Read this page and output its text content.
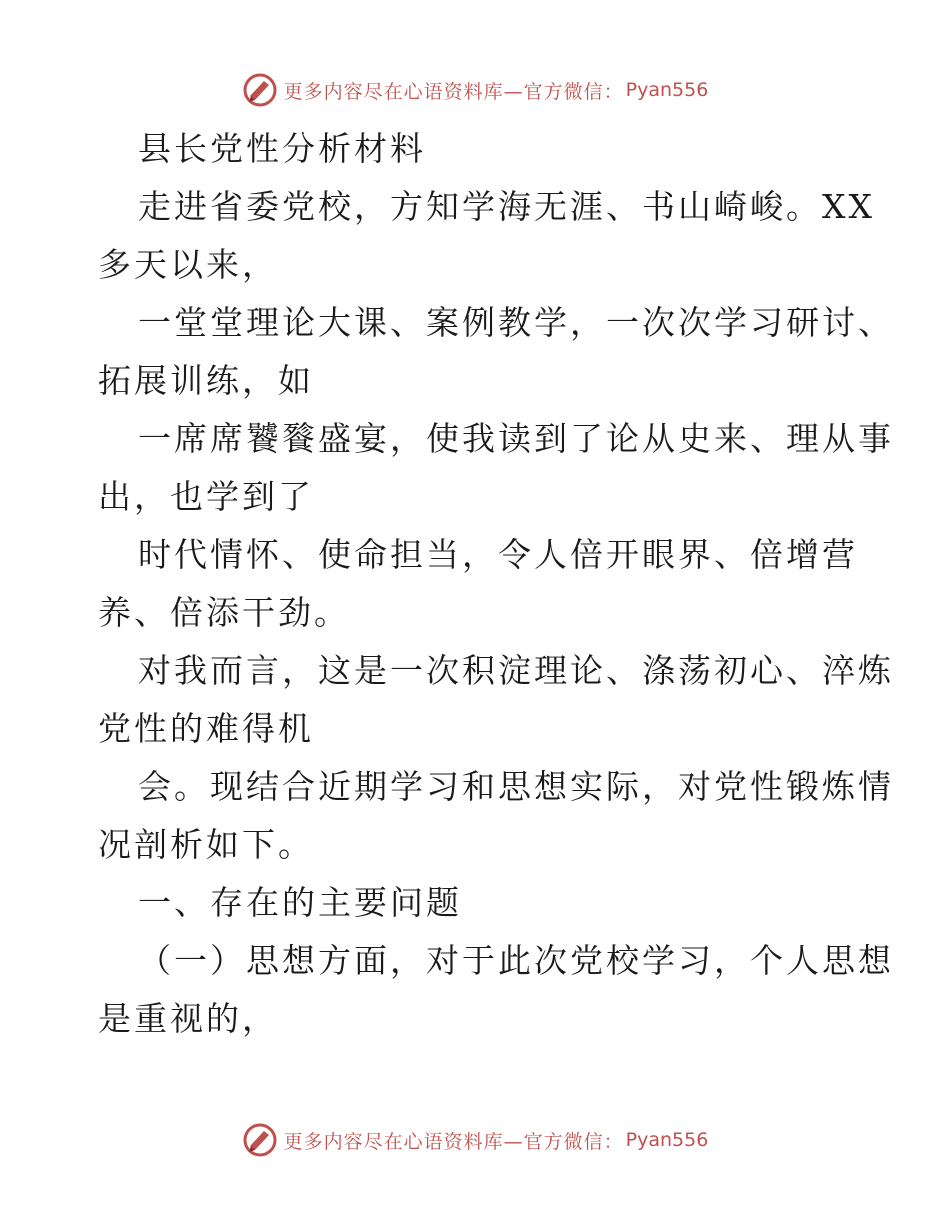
更多内容尽在心语资料库—官方微信： Pyan556

县长党性分析材料

走进省委党校，方知学海无涯、书山崎峻。XX

多天以来，

一堂堂理论大课、案例教学，一次次学习研讨、

拓展训练，如

一席席饕餮盛宴，使我读到了论从史来、理从事

出，也学到了

时代情怀、使命担当，令人倍开眼界、倍增营

养、倍添干劲。

对我而言，这是一次积淀理论、涤荡初心、淬炼

党性的难得机

会。现结合近期学习和思想实际，对党性锻炼情

况剖析如下。

一、存在的主要问题

（一）思想方面，对于此次党校学习，个人思想

是重视的，

更多内容尽在心语资料库—官方微信： Pyan556
